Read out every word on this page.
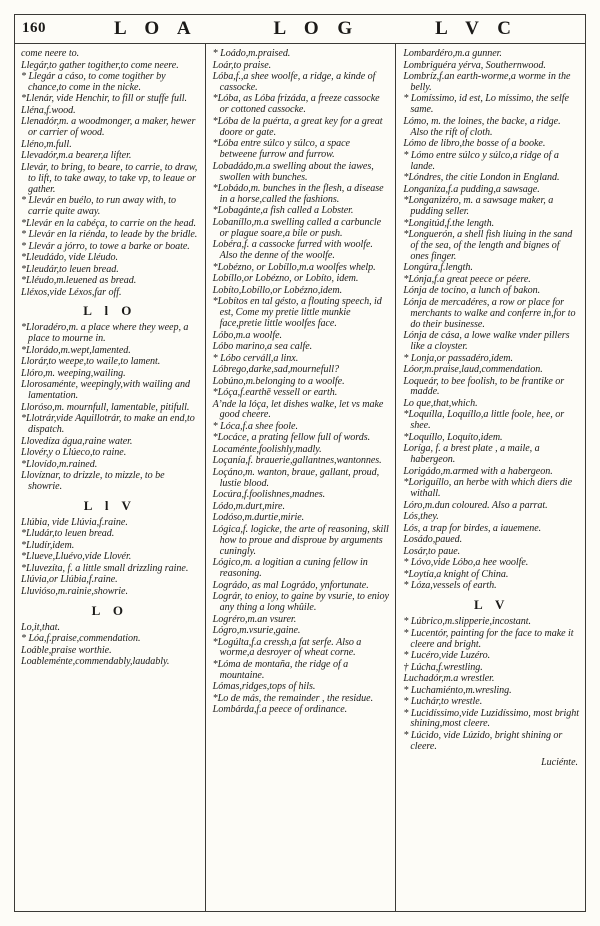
160	L O A	L O G	L V C
come neere to.
Llegár,to gather togither,to come neere.
* Llegár a cáso, to come togither by chance,to come in the nicke.
*Llenár, vide Henchir, to fill or stuffe full.
Lléna,f.wood.
Llenadór,m. a woodmonger, a maker, hewer or carrier of wood.
Lléno,m.full.
Llevadór,m.a bearer,a lifter.
Llevár, to bring, to beare, to carrie, to draw, to lift, to take away, to take vp, to leaue or gather.
* Llevár en buélo, to run away with, to carrie quite away.
*Llevár en la cabéça, to carrie on the head.
* Llevár en la riénda, to leade by the bridle.
* Llevár a jórro, to towe a barke or boate.
*Lleudádo, vide Lléudo.
*Lleudár,to leuen bread.
*Lléudo,m.leuened as bread.
Lléxos,vide Léxos,far off.
L l O
*Lloradéro,m. a place where they weep, a place to mourne in.
*Llorádo,m.wept,lamented.
Llorár,to weepe,to waile,to lament.
Llóro,m. weeping,wailing.
Llorosaménte, weepingly,with wailing and lamentation.
Lloróso,m. mournfull, lamentable, pitifull.
*Llotrár,vide Aquillotrár, to make an end,to dispatch.
Llovedíza água,raine water.
Llovér,y o Llúeco,to raine.
*Llovído,m.rained.
Llovíznar, to drizzle, to mizzle, to be showrie.
L l V
Llúbia, vide Llúvia,f.raine.
*Lludár,to leuen bread.
*Lludír,idem.
*Llueve,Lluévo,vide Llovér.
*Lluvezíta, f. a little small drizzling raine.
Llúvia,or Llúbia,f.raine.
Lluvióso,m.rainie,showrie.
L O
Lo,it,that.
* Lóa,f.praise,commendation.
Loáble,praise worthie.
Loableménte,commendably,laudably.
* Loádo,m.praised.
Loár,to praise.
Lóba,f.,a shee woolfe, a ridge, a kinde of cassocke.
*Lóba, as Lóba frizáda, a freeze cassocke or cottoned cassocke.
*Lóba de la puérta, a great key for a great doore or gate.
*Lóba entre súlco y súlco, a space betweene furrow and furrow.
Lobadádo,m.a swelling about the iawes, swollen with bunches.
*Lobádo,m. bunches in the flesh, a disease in a horse,called the fashions.
*Lobagánte,a fish called a Lobster.
Lobaníllo,m.a swelling called a carbuncle or plague soare,a bile or push.
Lobéra,f. a cassocke furred with woolfe. Also the denne of the woolfe.
*Lobézno, or Lobíllo,m.a woolfes whelp.
Lobíllo,or Lobézno, or Lobíto, idem.
Lobíto,Lobíllo,or Lobézno,idem.
*Lobítos en tal gésto, a flouting speech, id est, Come my pretie little munkie face,pretie little woolfes face.
Lóbo,m.a woolfe.
Lóbo marino,a sea calfe.
* Lóbo cerváll,a linx.
Lóbrego,darke,sad,mournefull?
Lobúno,m.belonging to a woolfe.
*Lóça,f.earthē vessell or earth.
A’nde la lóça, let dishes walke, let vs make good cheere.
* Lóca,f.a shee foole.
*Locáce, a prating fellow full of words.
Locaménte,foolishly,madly.
Loçanía,f. brauerie,gallantnes,wantonnes.
Loçáno,m. wanton, braue, gallant, proud, lustie blood.
Locúra,f.foolishnes,madnes.
Lódo,m.durt,mire.
Lodóso,m.durtie,mirie.
Lógica,f. logicke, the arte of reasoning, skill how to proue and disproue by arguments cuningly.
Lógico,m. a logitian a cuning fellow in reasoning.
Lográdo, as mal Lográdo, ynfortunate.
Lográr, to enioy, to gaine by vsurie, to enioy any thing a long whûile.
Logréro,m.an vsurer.
Lógro,m.vsurie,gaine.
*Logúlta,f.a cressh,a fat serfe. Also a worme,a desroyer of wheat corne.
*Lóma de montaña, the ridge of a mountaine.
Lómas,ridges,tops of hils.
*Lo de más, the remainder , the residue.
Lombárda,f.a peece of ordinance.
Lombardéro,m.a gunner.
Lombriguéra yérva, Southernwood.
Lombríz,f.an earth-worme,a worme in the belly.
* Lomíssimo, id est, Lo míssimo, the selfe same.
Lómo, m. the loines, the backe, a ridge. Also the rift of cloth.
Lómo de libro,the bosse of a booke.
* Lómo entre súlco y súlco,a ridge of a lande.
*Lóndres, the citie London in England.
Longaníza,f.a pudding,a sawsage.
*Longanizéro, m. a sawsage maker, a pudding seller.
*Longitúd,f.the length.
*Longuerón, a shell fish liuing in the sand of the sea, of the length and bignes of ones finger.
Longúra,f.length.
*Lónja,f.a great peece or péere.
Lónja de tocíno, a lunch of bakon.
Lónja de mercadéres, a row or place for merchants to walke and conferre in,for to do their businesse.
Lónja de cása, a lowe walke vnder pillers like a cloyster.
* Lonja,or passadéro,idem.
Lóor,m.praise,laud,commendation.
Loqueár, to bee foolish, to be frantike or madde.
Lo que,that,which.
*Loquílla, Loquíllo,a little foole, hee, or shee.
*Loquíllo, Loquíto,idem.
Loríga, f. a brest plate , a maile, a habergeon.
Lorigádo,m.armed with a habergeon.
*Loriguíllo, an herbe with which diers die withall.
Lóro,m.dun coloured. Also a parrat.
Lós,they.
Lós, a trap for birdes, a iauemene.
Losádo,paued.
Losár,to paue.
* Lóvo,vide Lóbo,a hee woolfe.
*Loytía,a knight of China.
* Lóza,vessels of earth.
L V
* Lúbrico,m.slipperie,incostant.
* Lucentór, painting for the face to make it cleere and bright.
* Lucéro,vide Luzéro.
† Lúcha,f.wrestling.
Luchadór,m.a wrestler.
* Luchamiénto,m.wresling.
* Luchár,to wrestle.
* Lucidíssimo,vide Luzidíssimo, most bright shining,most cleere.
* Lúcido, vide Lúzido, bright shining or cleere.
Luciénte.
